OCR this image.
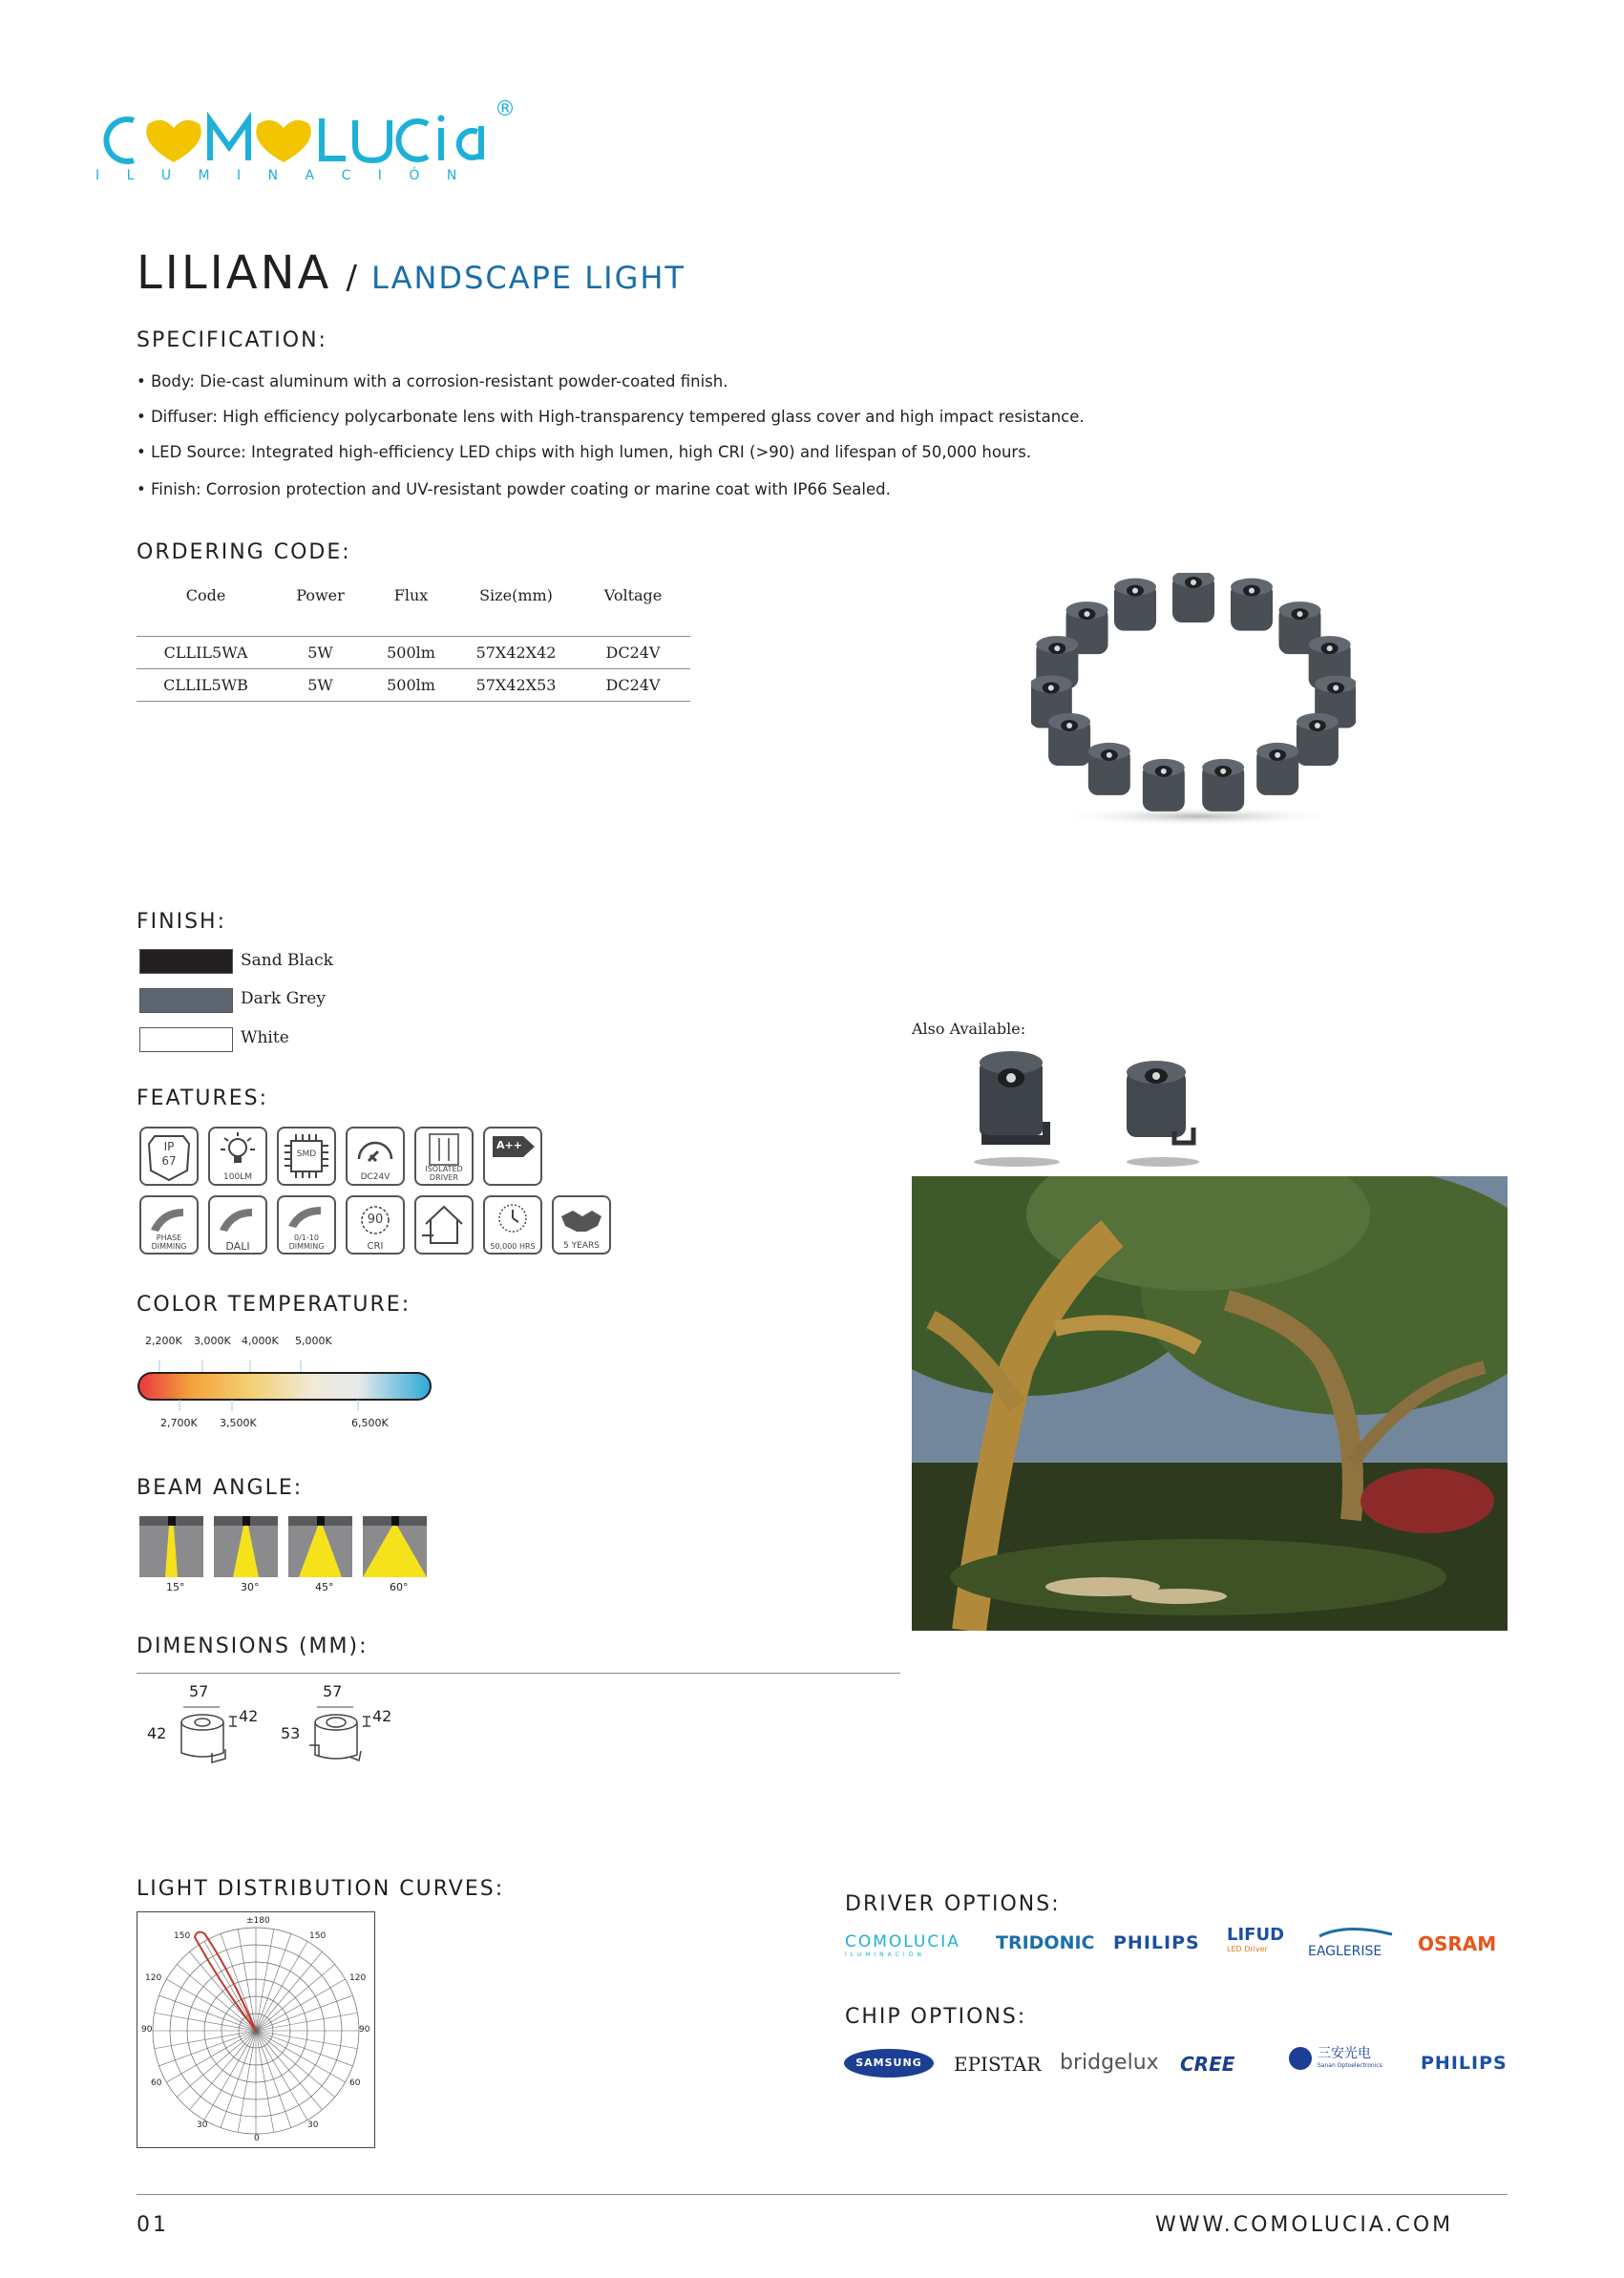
®
I L U M I N A C I Ó N
LILIANA / LANDSCAPE LIGHT
SPECIFICATION:
• Body: Die-cast aluminum with a corrosion-resistant powder-coated finish.
• Diffuser: High efficiency polycarbonate lens with High-transparency tempered glass cover and high impact resistance.
• LED Source: Integrated high-efficiency LED chips with high lumen, high CRI (>90) and lifespan of 50,000 hours.
• Finish: Corrosion protection and UV-resistant powder coating or marine coat with IP66 Sealed.
ORDERING CODE:
Code	Power	Flux	Size(mm)	Voltage

CLLIL5WA	5W	500lm	57X42X42	DC24V
CLLIL5WB	5W	500lm	57X42X53	DC24V
FINISH:
Sand Black
Dark Grey
White	Also Available:
FEATURES:
IP
67
100LM
SMD
DC24V
ISOLATED DRIVER
A++
PHASE DIMMING	DALI
0/1-10 DIMMING
90
CRI	50,000 HRS	5 YEARS
COLOR TEMPERATURE:
2,200K 3,000K 4,000K 5,000K
2,700K 3,500K	6,500K
BEAM ANGLE:
15°	30°	45°	60°
DIMENSIONS (MM):
57
42
42
57
42
53
LIGHT DISTRIBUTION CURVES:
±180
150	150
120	120
90	90
60	60
30	30
0
DRIVER OPTIONS:
COMOLUCIA
ILUMINACIÓN
TRIDONIC PHILIPS LIFUD
LED Driver	EAGLERISE	OSRAM
CHIP OPTIONS:
SAMSUNG	EPISTAR bridgelux CREE	三安光电
Sanan Optoelectronics PHILIPS
01	WWW.COMOLUCIA.COM
